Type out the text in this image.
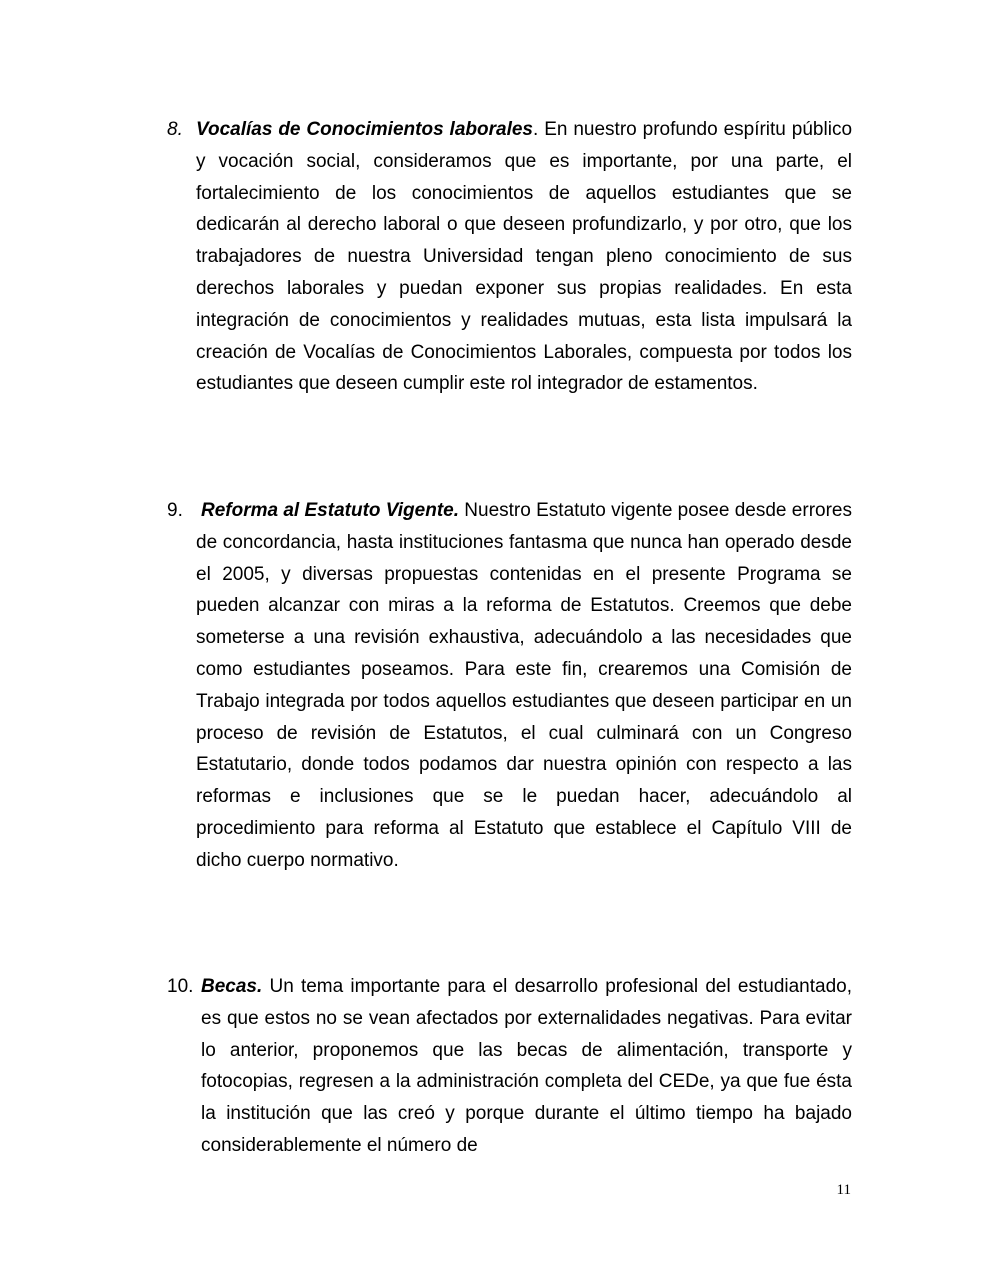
8. Vocalías de Conocimientos laborales. En nuestro profundo espíritu público y vocación social, consideramos que es importante, por una parte, el fortalecimiento de los conocimientos de aquellos estudiantes que se dedicarán al derecho laboral o que deseen profundizarlo, y por otro, que los trabajadores de nuestra Universidad tengan pleno conocimiento de sus derechos laborales y puedan exponer sus propias realidades. En esta integración de conocimientos y realidades mutuas, esta lista impulsará la creación de Vocalías de Conocimientos Laborales, compuesta por todos los estudiantes que deseen cumplir este rol integrador de estamentos.

9. Reforma al Estatuto Vigente. Nuestro Estatuto vigente posee desde errores de concordancia, hasta instituciones fantasma que nunca han operado desde el 2005, y diversas propuestas contenidas en el presente Programa se pueden alcanzar con miras a la reforma de Estatutos. Creemos que debe someterse a una revisión exhaustiva, adecuándolo a las necesidades que como estudiantes poseamos. Para este fin, crearemos una Comisión de Trabajo integrada por todos aquellos estudiantes que deseen participar en un proceso de revisión de Estatutos, el cual culminará con un Congreso Estatutario, donde todos podamos dar nuestra opinión con respecto a las reformas e inclusiones que se le puedan hacer, adecuándolo al procedimiento para reforma al Estatuto que establece el Capítulo VIII de dicho cuerpo normativo.

10. Becas. Un tema importante para el desarrollo profesional del estudiantado, es que estos no se vean afectados por externalidades negativas. Para evitar lo anterior, proponemos que las becas de alimentación, transporte y fotocopias, regresen a la administración completa del CEDe, ya que fue ésta la institución que las creó y porque durante el último tiempo ha bajado considerablemente el número de

11
